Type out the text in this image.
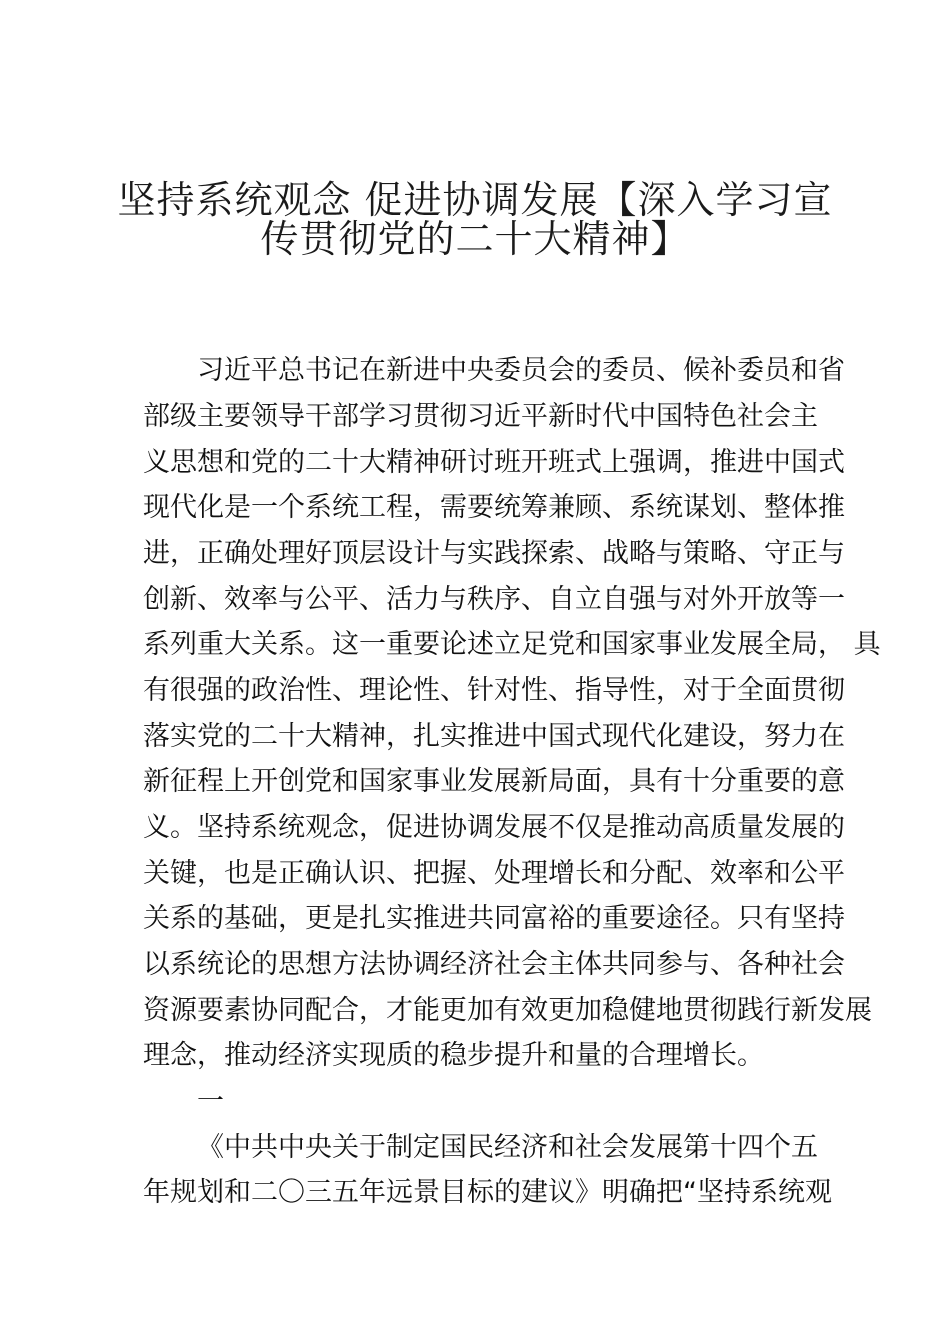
坚持系统观念 促进协调发展【深入学习宣
传贯彻党的二十大精神】
习近平总书记在新进中央委员会的委员、候补委员和省
部级主要领导干部学习贯彻习近平新时代中国特色社会主
义思想和党的二十大精神研讨班开班式上强调，推进中国式
现代化是一个系统工程，需要统筹兼顾、系统谋划、整体推
进，正确处理好顶层设计与实践探索、战略与策略、守正与
创新、效率与公平、活力与秩序、自立自强与对外开放等一
系列重大关系。这一重要论述立足党和国家事业发展全局， 具
有很强的政治性、理论性、针对性、指导性，对于全面贯彻
落实党的二十大精神，扎实推进中国式现代化建设，努力在
新征程上开创党和国家事业发展新局面，具有十分重要的意
义。坚持系统观念，促进协调发展不仅是推动高质量发展的
关键，也是正确认识、把握、处理增长和分配、效率和公平
关系的基础，更是扎实推进共同富裕的重要途径。只有坚持
以系统论的思想方法协调经济社会主体共同参与、各种社会
资源要素协同配合，才能更加有效更加稳健地贯彻践行新发展
理念，推动经济实现质的稳步提升和量的合理增长。
一
《中共中央关于制定国民经济和社会发展第十四个五
年规划和二〇三五年远景目标的建议》明确把“坚持系统观
